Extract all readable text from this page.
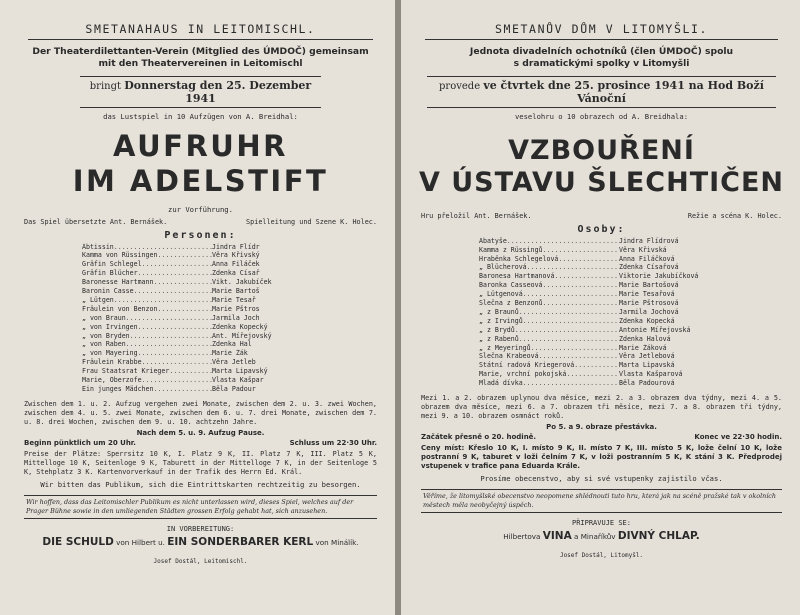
SMETANAHAUS IN LEITOMISCHL.
Der Theaterdilettanten-Verein (Mitglied des ÚMDOČ) gemeinsam
mit den Theatervereinen in Leitomischl
bringt Donnerstag den 25. Dezember 1941
das Lustspiel in 10 Aufzügen von A. Breidhal:
AUFRUHR
IM ADELSTIFT
zur Vorführung.
Das Spiel übersetzte Ant. Bernášek.	Spielleitung und Szene K. Holec.
Personen:
Äbtissin .....	Jindra Flídr
Kamma von Rüssingen .....	Věra Křivský
Gräfin Schlegel .....	Anna Filáček
Gräfin Blücher .....	Zdenka Císař
Baronesse Hartmann .....	Vikt. Jakubíček
Baronin Casse .....	Marie Bartoš
„ Lütgen .....	Marie Tesař
Fräulein von Benzon .....	Marie Pštros
„ von Braun .....	Jarmila Joch
„ von Irvingen .....	Zdenka Kopecký
„ von Bryden .....	Ant. Mířejovský
„ von Raben .....	Zdenka Hal
„ von Mayering .....	Marie Žák
Fräulein Krabbe .....	Věra Jetleb
Frau Staatsrat Krieger .....	Marta Lipavský
Marie, Oberzofe .....	Vlasta Kašpar
Ein junges Mädchen .....	Běla Padour
Zwischen dem 1. u. 2. Aufzug vergehen zwei Monate, zwischen dem 2. u. 3. zwei Wochen, zwischen dem 4. u. 5. zwei Monate, zwischen dem 6. u. 7. drei Monate, zwischen dem 7. u. 8. drei Wochen, zwischen dem 9. u. 10. achtzehn Jahre.
Nach dem 5. u. 9. Aufzug Pause.
Beginn pünktlich um 20 Uhr.	Schluss um 22·30 Uhr.
Preise der Plätze: Sperrsitz 10 K, I. Platz 9 K, II. Platz 7 K, III. Platz 5 K, Mittelloge 10 K, Seitenloge 9 K, Taburett in der Mittelloge 7 K, in der Seitenloge 5 K, Stehplatz 3 K. Kartenvorverkauf in der Trafik des Herrn Ed. Král.
Wir bitten das Publikum, sich die Eintrittskarten rechtzeitig zu besorgen.
Wir hoffen, dass das Leitomischler Publikum es nicht unterlassen wird, dieses Spiel, welches auf der Prager Bühne sowie in den umliegenden Städten grossen Erfolg gehabt hat, sich anzusehen.
IN VORBEREITUNG:
DIE SCHULD von Hilbert u. EIN SONDERBARER KERL von Mináĭík.
Josef Dostál, Leitomischl.
SMETANŮV DŮM V LITOMYŠLI.
Jednota divadelních ochotníků (člen ÚMDOČ) spolu
s dramatickými spolky v Litomyšli
provede ve čtvrtek dne 25. prosince 1941 na Hod Boží Vánoční
veselohru o 10 obrazech od A. Breidhala:
VZBOUŘENÍ
V ÚSTAVU ŠLECHTIČEN
Hru přeložil Ant. Bernášek.	Režie a scéna K. Holec.
Osoby:
Abatyše .....	Jindra Flídrová
Kamma z Rüssingů .....	Věra Křivská
Hraběnka Schlegelová .....	Anna Filáčková
„ Blücherová .....	Zdenka Císařová
Baronesa Hartmanová .....	Viktorie Jakubíčková
Baronka Casseová .....	Marie Bartošová
„ Lütgenová .....	Marie Tesařová
Slečna z Benzonů .....	Marie Pštrosová
„ z Braunů .....	Jarmila Jochová
„ z Irvingů .....	Zdenka Kopecká
„ z Brydů .....	Antonie Mířejovská
„ z Rabenů .....	Zdenka Halová
„ z Meyeringů .....	Marie Žáková
Slečna Krabeová .....	Věra Jetlebová
Státní radová Kriegerová .....	Marta Lipavská
Marie, vrchní pokojská .....	Vlasta Kašparová
Mladá dívka .....	Běla Padourová
Mezi 1. a 2. obrazem uplynou dva měsíce, mezi 2. a 3. obrazem dva týdny, mezi 4. a 5. obrazem dva měsíce, mezi 6. a 7. obrazem tři měsíce, mezi 7. a 8. obrazem tři týdny, mezi 9. a 10. obrazem osmnáct roků.
Po 5. a 9. obraze přestávka.
Začátek přesně o 20. hodině.	Konec ve 22·30 hodin.
Ceny míst: Křeslo 10 K, I. místo 9 K, II. místo 7 K, III. místo 5 K, lože čelní 10 K, lože postranní 9 K, taburet v loži čelním 7 K, v loži postranním 5 K, K stání 3 K. Předprodej vstupenek v trafice pana Eduarda Krále.
Prosíme obecenstvo, aby si své vstupenky zajistilo včas.
Věříme, že litomyšlské obecenstvo neopomene shlédnouti tuto hru, která jak na scéně pražské tak v okolních městech měla neobyčejný úspěch.
PŘIPRAVUJE SE:
Hilbertova VINA a Minaříkův DIVNÝ CHLAP.
Josef Dostál, Litomyšl.
